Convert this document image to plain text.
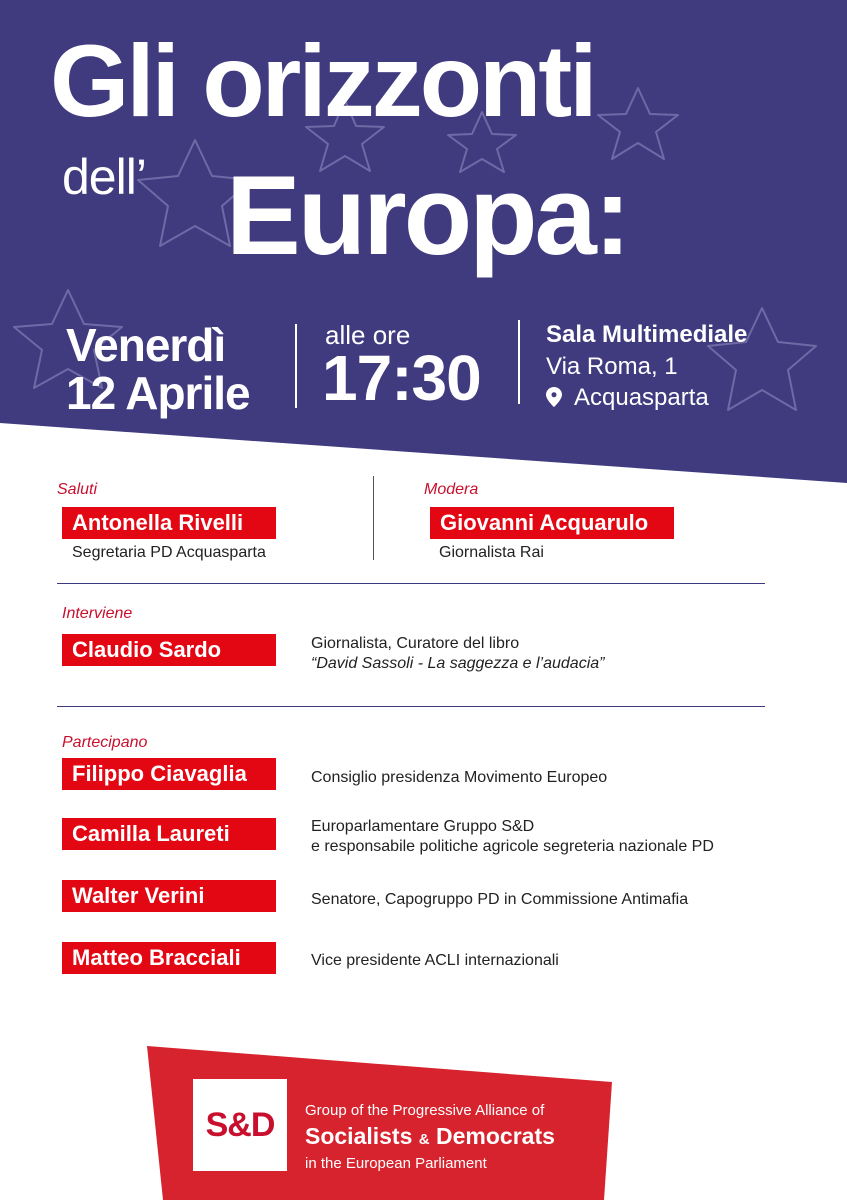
Gli orizzonti
dell’ Europa:
Venerdì
12 Aprile
alle ore
17:30
Sala Multimediale
Via Roma, 1
Acquasparta
Saluti
Antonella Rivelli
Segretaria PD Acquasparta
Modera
Giovanni Acquarulo
Giornalista Rai
Interviene
Claudio Sardo	Giornalista, Curatore del libro
“David Sassoli - La saggezza e l’audacia”
Partecipano
Filippo Ciavaglia	Consiglio presidenza Movimento Europeo
Camilla Laureti	Europarlamentare Gruppo S&D
e responsabile politiche agricole segreteria nazionale PD
Walter Verini	Senatore, Capogruppo PD in Commissione Antimafia
Matteo Bracciali	Vice presidente ACLI internazionali
S&D	Group of the Progressive Alliance of
Socialists & Democrats
in the European Parliament
